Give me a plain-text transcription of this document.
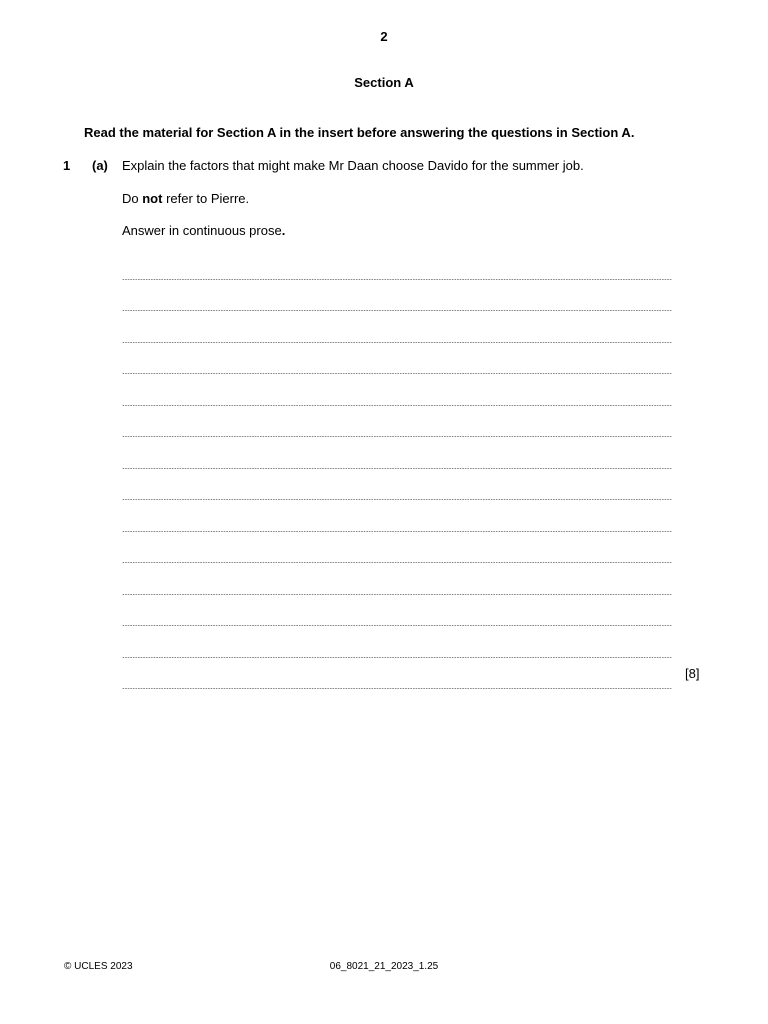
2
Section A
Read the material for Section A in the insert before answering the questions in Section A.
1 (a) Explain the factors that might make Mr Daan choose Davido for the summer job.
Do not refer to Pierre.
Answer in continuous prose.
[8]
© UCLES 2023	06_8021_21_2023_1.25
